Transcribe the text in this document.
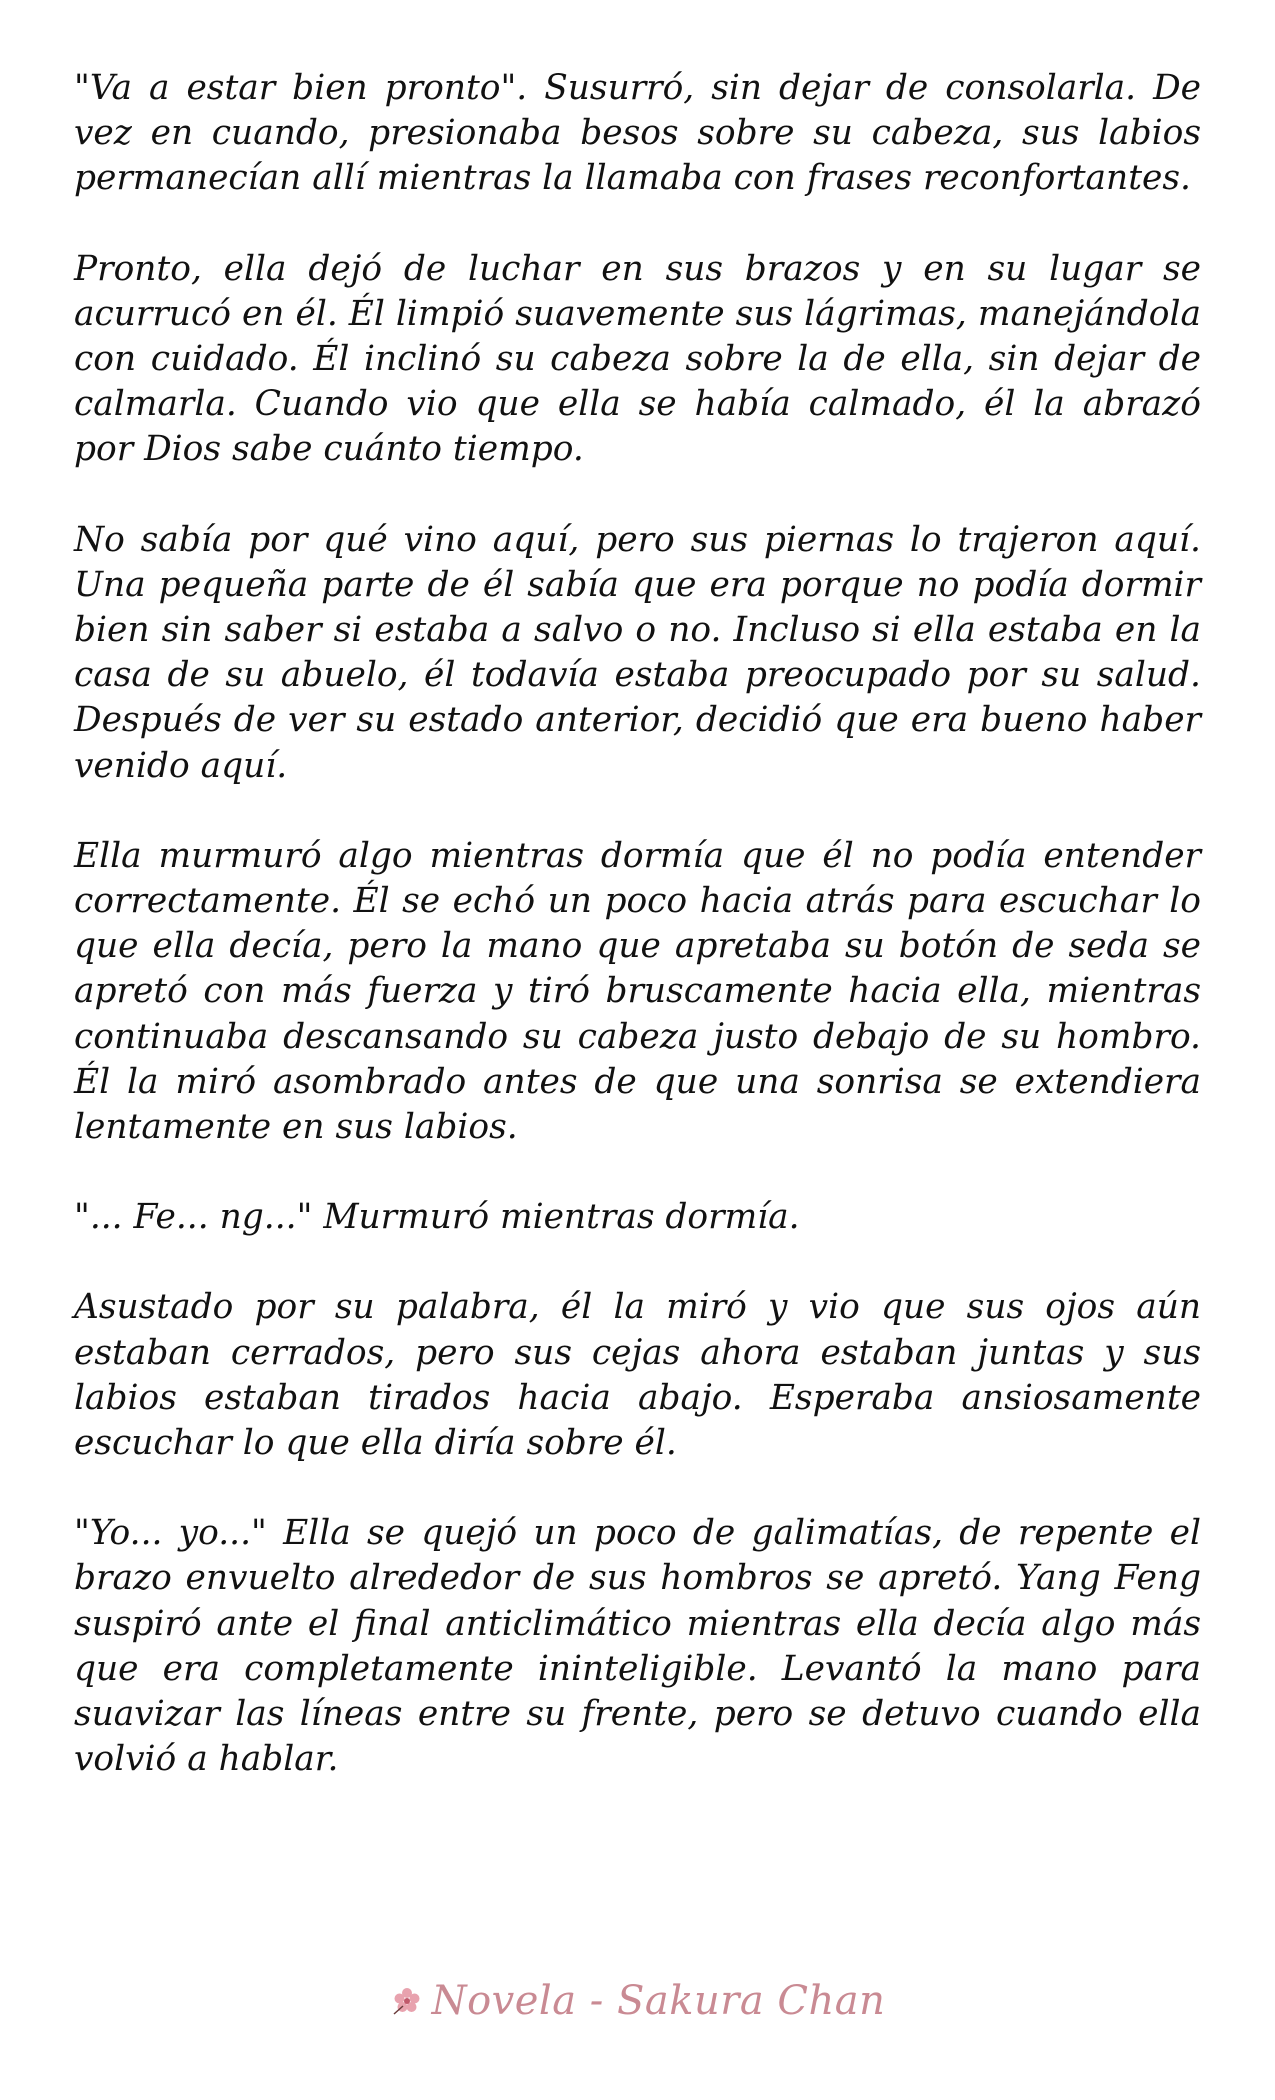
"Va a estar bien pronto". Susurró, sin dejar de consolarla. De vez en cuando, presionaba besos sobre su cabeza, sus labios permanecían allí mientras la llamaba con frases reconfortantes.

Pronto, ella dejó de luchar en sus brazos y en su lugar se acurrucó en él. Él limpió suavemente sus lágrimas, manejándola con cuidado. Él inclinó su cabeza sobre la de ella, sin dejar de calmarla. Cuando vio que ella se había calmado, él la abrazó por Dios sabe cuánto tiempo.

No sabía por qué vino aquí, pero sus piernas lo trajeron aquí. Una pequeña parte de él sabía que era porque no podía dormir bien sin saber si estaba a salvo o no. Incluso si ella estaba en la casa de su abuelo, él todavía estaba preocupado por su salud. Después de ver su estado anterior, decidió que era bueno haber venido aquí.

Ella murmuró algo mientras dormía que él no podía entender correctamente. Él se echó un poco hacia atrás para escuchar lo que ella decía, pero la mano que apretaba su botón de seda se apretó con más fuerza y tiró bruscamente hacia ella, mientras continuaba descansando su cabeza justo debajo de su hombro. Él la miró asombrado antes de que una sonrisa se extendiera lentamente en sus labios.

"... Fe... ng..." Murmuró mientras dormía.

Asustado por su palabra, él la miró y vio que sus ojos aún estaban cerrados, pero sus cejas ahora estaban juntas y sus labios estaban tirados hacia abajo. Esperaba ansiosamente escuchar lo que ella diría sobre él.

"Yo... yo..." Ella se quejó un poco de galimatías, de repente el brazo envuelto alrededor de sus hombros se apretó. Yang Feng suspiró ante el final anticlimático mientras ella decía algo más que era completamente ininteligible. Levantó la mano para suavizar las líneas entre su frente, pero se detuvo cuando ella volvió a hablar.

Novela - Sakura Chan
